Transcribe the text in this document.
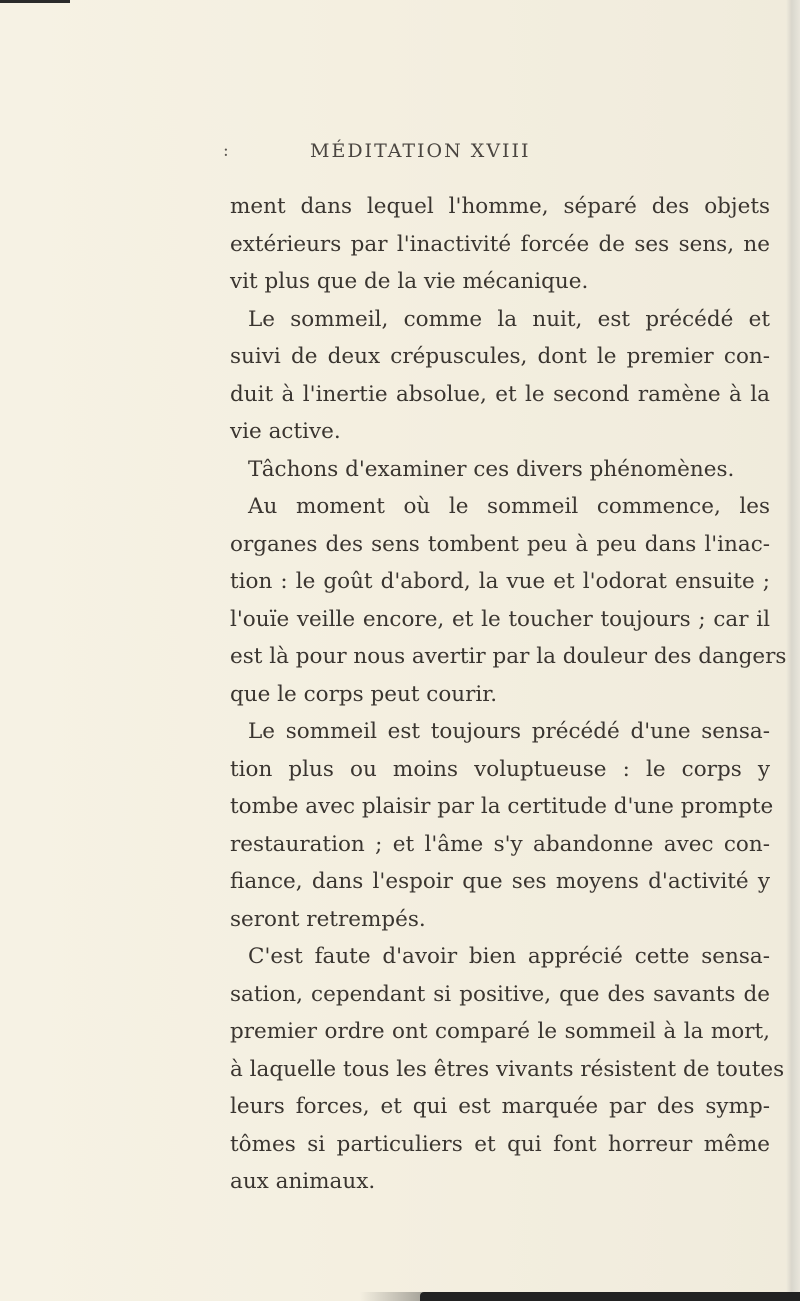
:	MÉDITATION XVIII
ment dans lequel l'homme, séparé des objets
extérieurs par l'inactivité forcée de ses sens, ne
vit plus que de la vie mécanique.
Le sommeil, comme la nuit, est précédé et
suivi de deux crépuscules, dont le premier con-
duit à l'inertie absolue, et le second ramène à la
vie active.
Tâchons d'examiner ces divers phénomènes.
Au moment où le sommeil commence, les
organes des sens tombent peu à peu dans l'inac-
tion : le goût d'abord, la vue et l'odorat ensuite ;
l'ouïe veille encore, et le toucher toujours ; car il
est là pour nous avertir par la douleur des dangers
que le corps peut courir.
Le sommeil est toujours précédé d'une sensa-
tion plus ou moins voluptueuse : le corps y
tombe avec plaisir par la certitude d'une prompte
restauration ; et l'âme s'y abandonne avec con-
fiance, dans l'espoir que ses moyens d'activité y
seront retrempés.
C'est faute d'avoir bien apprécié cette sensa-
sation, cependant si positive, que des savants de
premier ordre ont comparé le sommeil à la mort,
à laquelle tous les êtres vivants résistent de toutes
leurs forces, et qui est marquée par des symp-
tômes si particuliers et qui font horreur même
aux animaux.
